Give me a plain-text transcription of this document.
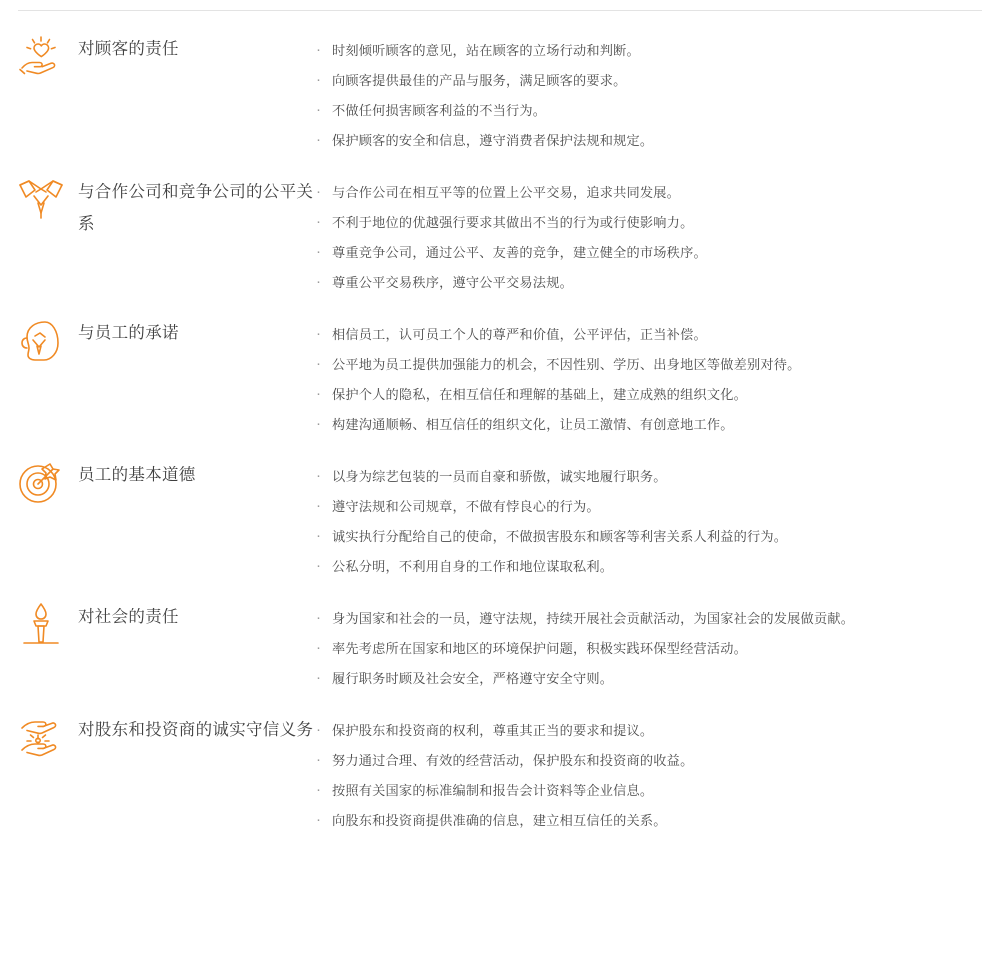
对顾客的责任	· 时刻倾听顾客的意见，站在顾客的立场行动和判断。
· 向顾客提供最佳的产品与服务，满足顾客的要求。
· 不做任何损害顾客利益的不当行为。
· 保护顾客的安全和信息，遵守消费者保护法规和规定。
与合作公司和竞争公司的公平关系
· 与合作公司在相互平等的位置上公平交易，追求共同发展。
· 不利于地位的优越强行要求其做出不当的行为或行使影响力。
· 尊重竞争公司，通过公平、友善的竞争，建立健全的市场秩序。
· 尊重公平交易秩序，遵守公平交易法规。
与员工的承诺	· 相信员工，认可员工个人的尊严和价值，公平评估，正当补偿。
· 公平地为员工提供加强能力的机会，不因性别、学历、出身地区等做差别对待。
· 保护个人的隐私，在相互信任和理解的基础上，建立成熟的组织文化。
· 构建沟通顺畅、相互信任的组织文化，让员工激情、有创意地工作。
员工的基本道德	· 以身为综艺包装的一员而自豪和骄傲，诚实地履行职务。
· 遵守法规和公司规章，不做有悖良心的行为。
· 诚实执行分配给自己的使命，不做损害股东和顾客等利害关系人利益的行为。
· 公私分明，不利用自身的工作和地位谋取私利。
对社会的责任	· 身为国家和社会的一员，遵守法规，持续开展社会贡献活动，为国家社会的发展做贡献。
· 率先考虑所在国家和地区的环境保护问题，积极实践环保型经营活动。
· 履行职务时顾及社会安全，严格遵守安全守则。
对股东和投资商的诚实守信义务	· 保护股东和投资商的权利，尊重其正当的要求和提议。
· 努力通过合理、有效的经营活动，保护股东和投资商的收益。
· 按照有关国家的标准编制和报告会计资料等企业信息。
· 向股东和投资商提供准确的信息，建立相互信任的关系。
